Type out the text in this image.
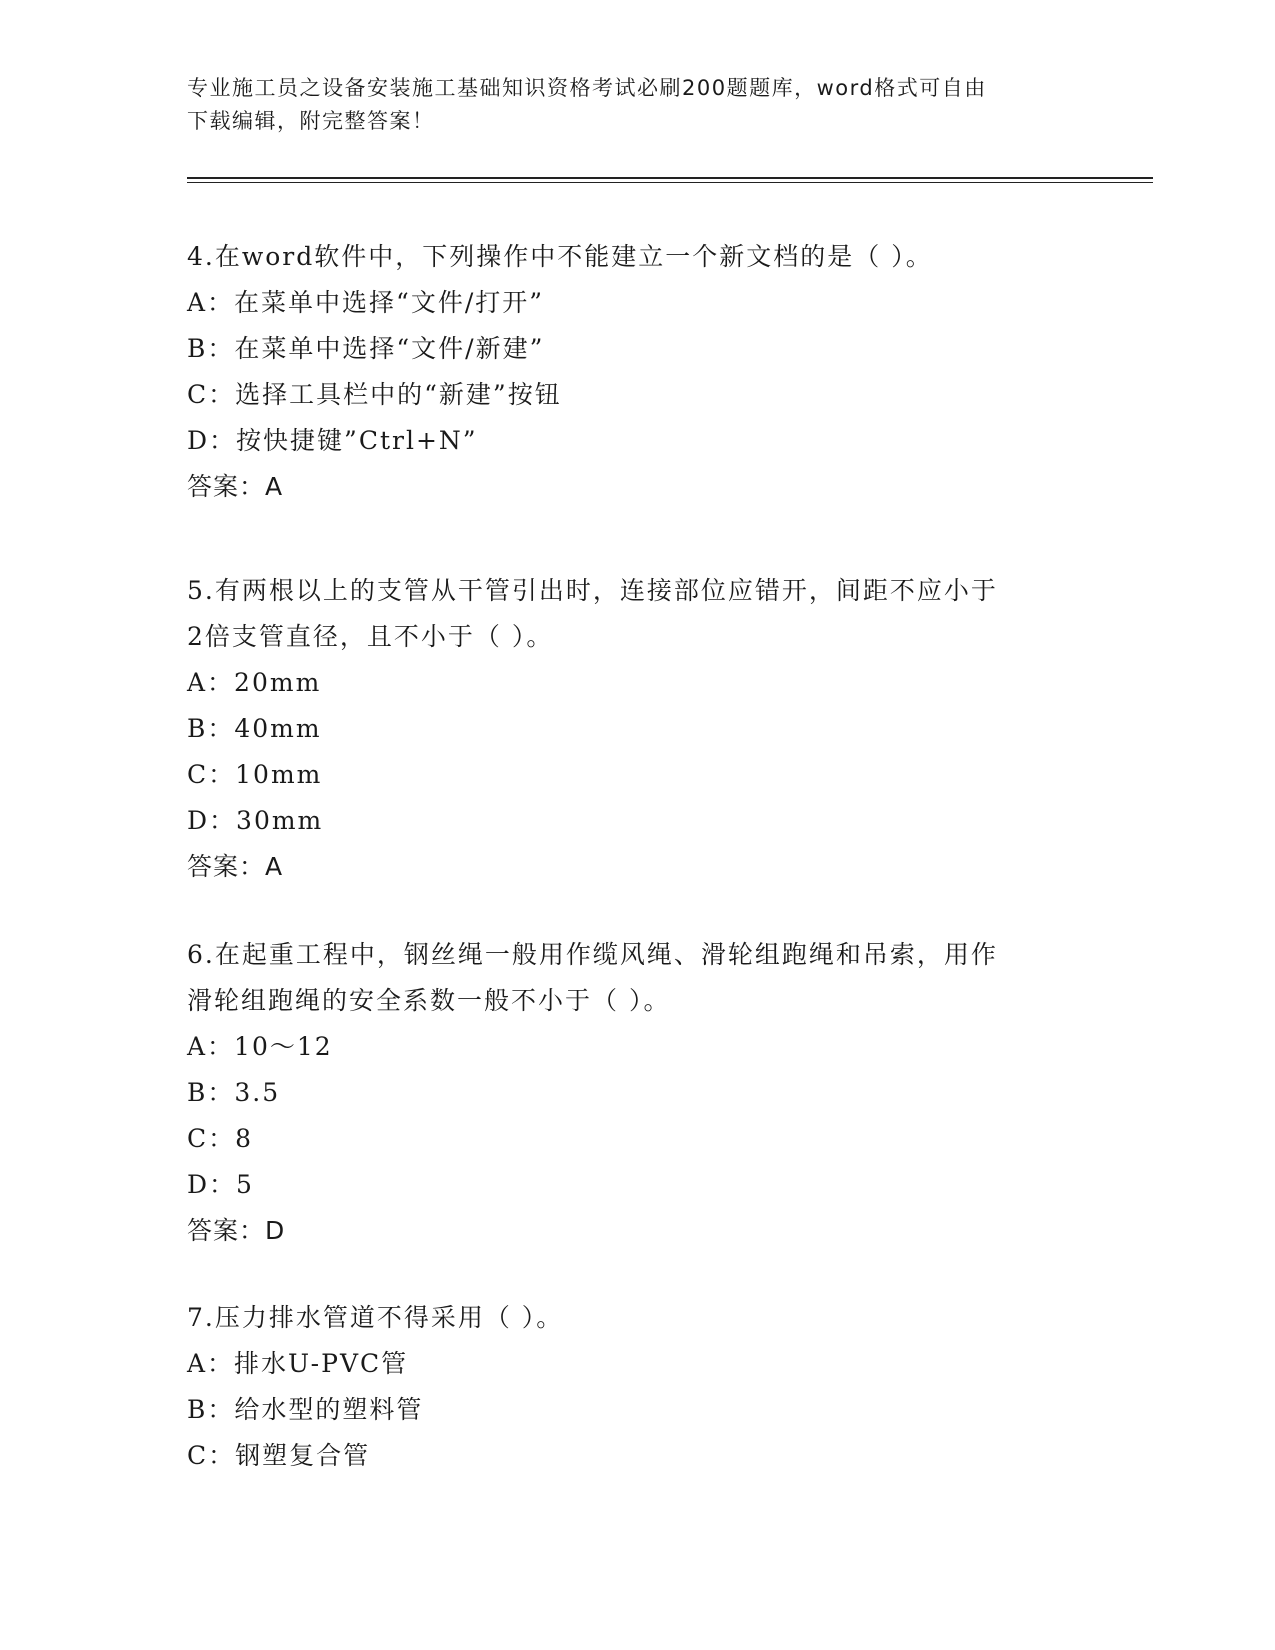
专业施工员之设备安装施工基础知识资格考试必刷200题题库，word格式可自由
下载编辑，附完整答案！
4.在word软件中，下列操作中不能建立一个新文档的是（ ）。
A：在菜单中选择“文件/打开”
B：在菜单中选择“文件/新建”
C：选择工具栏中的“新建”按钮
D：按快捷键”Ctrl+N”
答案：A
5.有两根以上的支管从干管引出时，连接部位应错开，间距不应小于
2倍支管直径，且不小于（ ）。
A：20mm
B：40mm
C：10mm
D：30mm
答案：A
6.在起重工程中，钢丝绳一般用作缆风绳、滑轮组跑绳和吊索，用作
滑轮组跑绳的安全系数一般不小于（ ）。
A：10～12
B：3.5
C：8
D：5
答案：D
7.压力排水管道不得采用（ ）。
A：排水U-PVC管
B：给水型的塑料管
C：钢塑复合管
